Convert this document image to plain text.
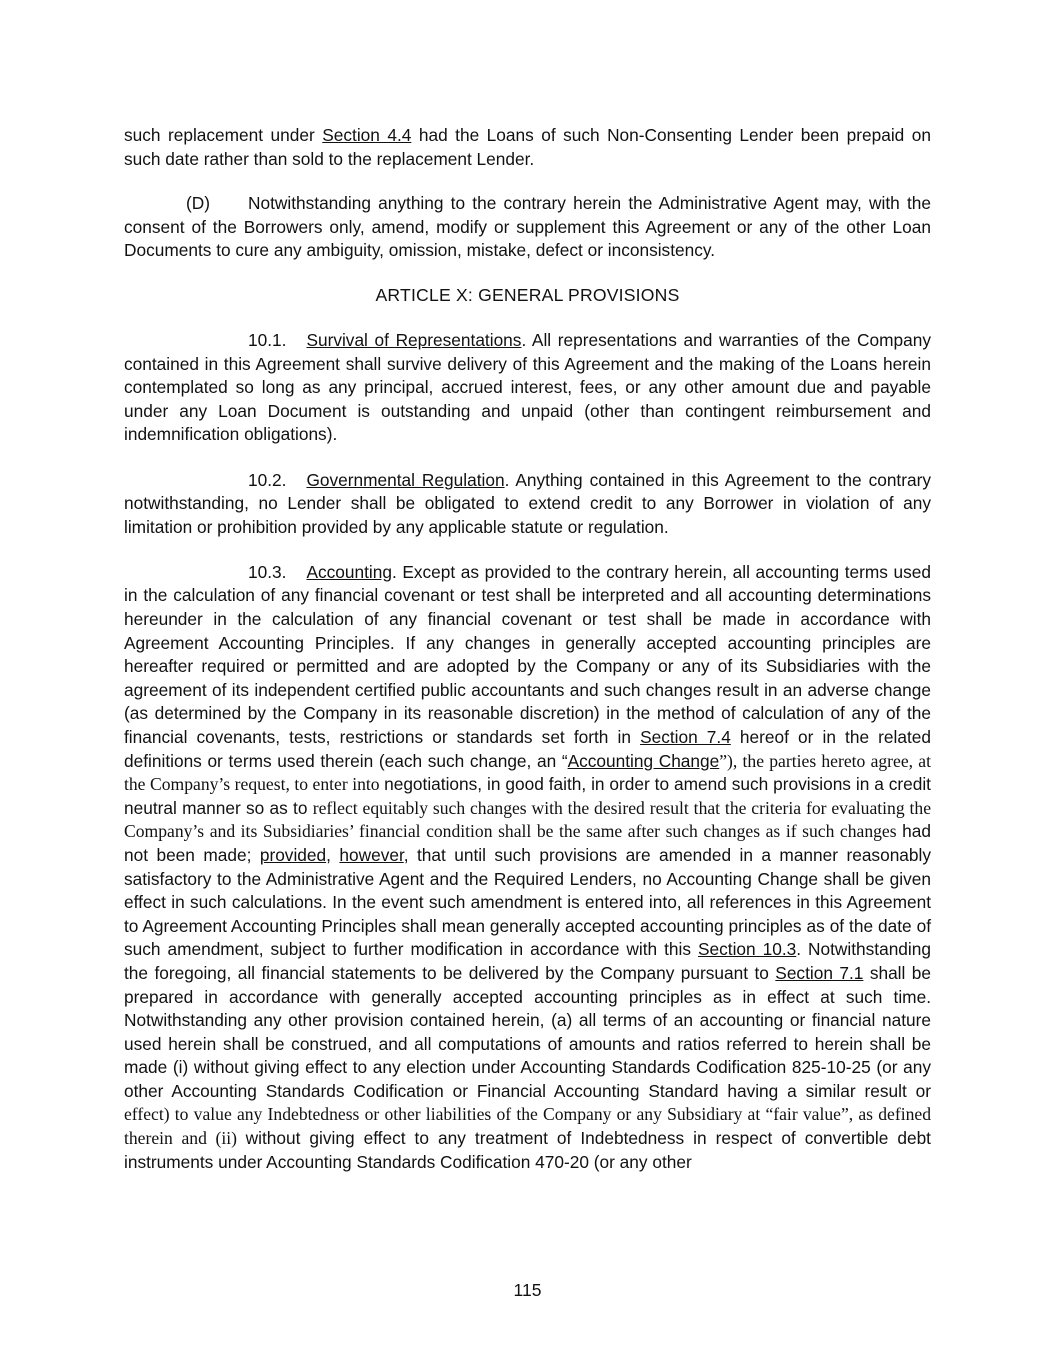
such replacement under Section 4.4 had the Loans of such Non-Consenting Lender been prepaid on such date rather than sold to the replacement Lender.

(D) Notwithstanding anything to the contrary herein the Administrative Agent may, with the consent of the Borrowers only, amend, modify or supplement this Agreement or any of the other Loan Documents to cure any ambiguity, omission, mistake, defect or inconsistency.

ARTICLE X: GENERAL PROVISIONS

10.1. Survival of Representations. All representations and warranties of the Company contained in this Agreement shall survive delivery of this Agreement and the making of the Loans herein contemplated so long as any principal, accrued interest, fees, or any other amount due and payable under any Loan Document is outstanding and unpaid (other than contingent reimbursement and indemnification obligations).

10.2. Governmental Regulation. Anything contained in this Agreement to the contrary notwithstanding, no Lender shall be obligated to extend credit to any Borrower in violation of any limitation or prohibition provided by any applicable statute or regulation.

10.3. Accounting. Except as provided to the contrary herein, all accounting terms used in the calculation of any financial covenant or test shall be interpreted and all accounting determinations hereunder in the calculation of any financial covenant or test shall be made in accordance with Agreement Accounting Principles. If any changes in generally accepted accounting principles are hereafter required or permitted and are adopted by the Company or any of its Subsidiaries with the agreement of its independent certified public accountants and such changes result in an adverse change (as determined by the Company in its reasonable discretion) in the method of calculation of any of the financial covenants, tests, restrictions or standards set forth in Section 7.4 hereof or in the related definitions or terms used therein (each such change, an “Accounting Change”), the parties hereto agree, at the Company’s request, to enter into negotiations, in good faith, in order to amend such provisions in a credit neutral manner so as to reflect equitably such changes with the desired result that the criteria for evaluating the Company’s and its Subsidiaries’ financial condition shall be the same after such changes as if such changes had not been made; provided, however, that until such provisions are amended in a manner reasonably satisfactory to the Administrative Agent and the Required Lenders, no Accounting Change shall be given effect in such calculations. In the event such amendment is entered into, all references in this Agreement to Agreement Accounting Principles shall mean generally accepted accounting principles as of the date of such amendment, subject to further modification in accordance with this Section 10.3. Notwithstanding the foregoing, all financial statements to be delivered by the Company pursuant to Section 7.1 shall be prepared in accordance with generally accepted accounting principles as in effect at such time. Notwithstanding any other provision contained herein, (a) all terms of an accounting or financial nature used herein shall be construed, and all computations of amounts and ratios referred to herein shall be made (i) without giving effect to any election under Accounting Standards Codification 825-10-25 (or any other Accounting Standards Codification or Financial Accounting Standard having a similar result or effect) to value any Indebtedness or other liabilities of the Company or any Subsidiary at “fair value”, as defined therein and (ii) without giving effect to any treatment of Indebtedness in respect of convertible debt instruments under Accounting Standards Codification 470-20 (or any other

115
